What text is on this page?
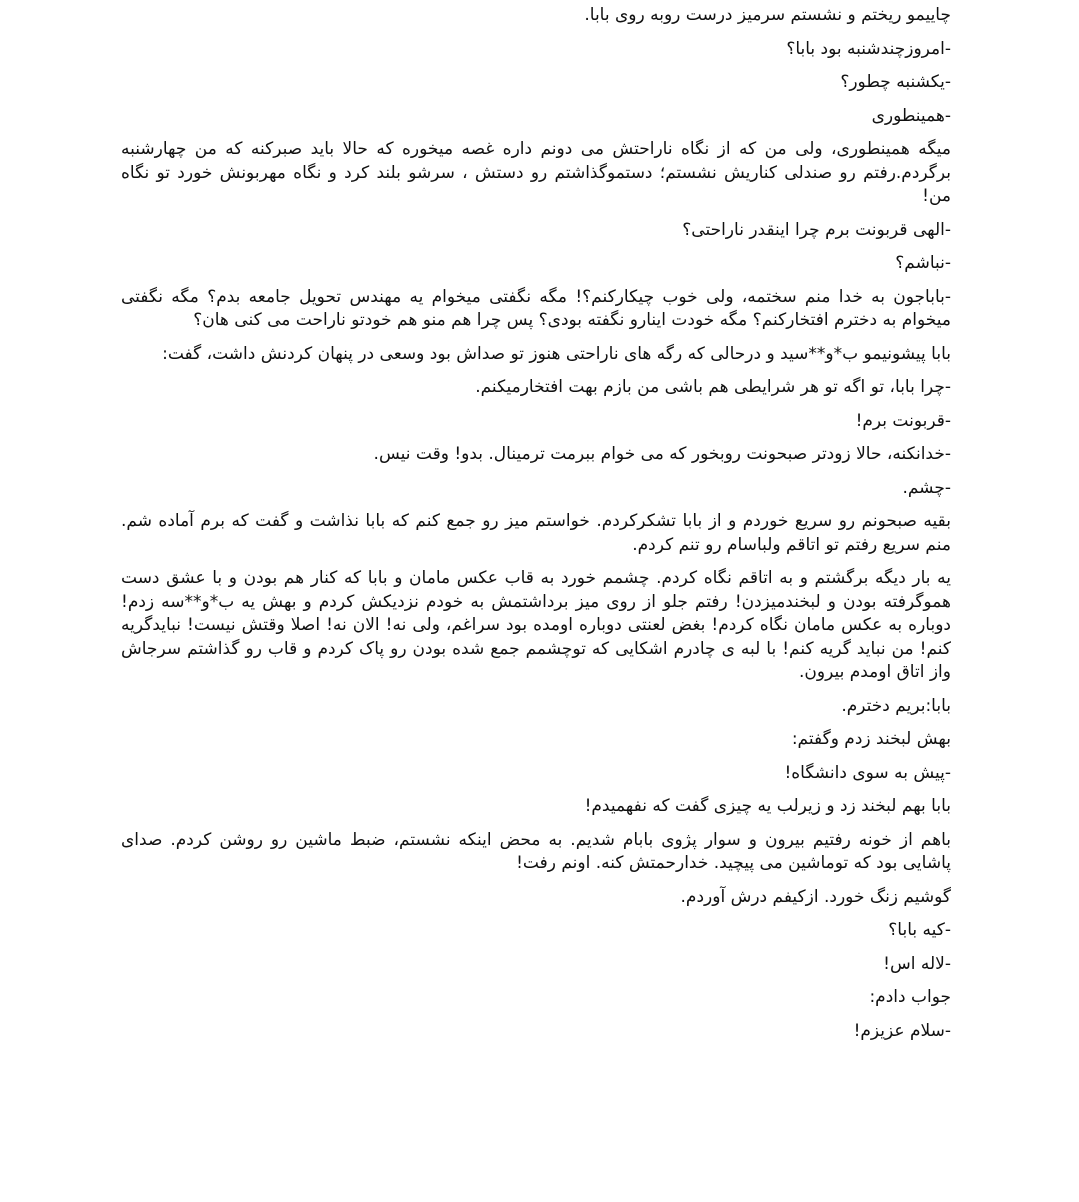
چاییمو ریختم و نشستم سرمیز درست روبه روی بابا.

-امروزچندشنبه بود بابا؟

-یکشنبه چطور؟

-همینطوری

میگه همینطوری، ولی من که از نگاه ناراحتش می دونم داره غصه میخوره که حالا باید صبرکنه که من چهارشنبه برگردم.رفتم رو صندلی کناریش نشستم؛ دستموگذاشتم رو دستش ، سرشو بلند کرد و نگاه مهربونش خورد تو نگاه من!

-الهی قربونت برم چرا اینقدر ناراحتی؟

-نباشم؟

-باباجون به خدا منم سختمه، ولی خوب چیکارکنم؟! مگه نگفتی میخوام یه مهندس تحویل جامعه بدم؟ مگه نگفتی میخوام به دخترم افتخارکنم؟ مگه خودت اینارو نگفته بودی؟ پس چرا هم منو هم خودتو ناراحت می کنی هان؟

بابا پیشونیمو ب*و**سید و درحالی که رگه های ناراحتی هنوز تو صداش بود وسعی در پنهان کردنش داشت، گفت:

-چرا بابا، تو اگه تو هر شرایطی هم باشی من بازم بهت افتخارمیکنم.

-قربونت برم!

-خدانکنه، حالا زودتر صبحونت روبخور که می خوام ببرمت ترمینال. بدو! وقت نیس.

-چشم.

بقیه صبحونم رو سریع خوردم و از بابا تشکرکردم. خواستم میز رو جمع کنم که بابا نذاشت و گفت که برم آماده شم. منم سریع رفتم تو اتاقم ولباسام رو تنم کردم.

یه بار دیگه برگشتم و به اتاقم نگاه کردم. چشمم خورد به قاب عکس مامان و بابا که کنار هم بودن و با عشق دست هموگرفته بودن و لبخندمیزدن! رفتم جلو از روی میز برداشتمش به خودم نزدیکش کردم و بهش یه ب*و**سه زدم! دوباره به عکس مامان نگاه کردم! بغض لعنتی دوباره اومده بود سراغم، ولی نه! الان نه! اصلا وقتش نیست! نبایدگریه کنم! من نباید گریه کنم! با لبه ی چادرم اشکایی که توچشمم جمع شده بودن رو پاک کردم و قاب رو گذاشتم سرجاش واز اتاق اومدم بیرون.

بابا:بریم دخترم.

بهش لبخند زدم وگفتم:

-پیش به سوی دانشگاه!

بابا بهم لبخند زد و زیرلب یه چیزی گفت که نفهمیدم!

باهم از خونه رفتیم بیرون و سوار پژوی بابام شدیم. به محض اینکه نشستم، ضبط ماشین رو روشن کردم. صدای پاشایی بود که توماشین می پیچید. خدارحمتش کنه. اونم رفت!

گوشیم زنگ خورد. ازکیفم درش آوردم.

-کیه بابا؟

-لاله اس!

جواب دادم:

-سلام عزیزم!
